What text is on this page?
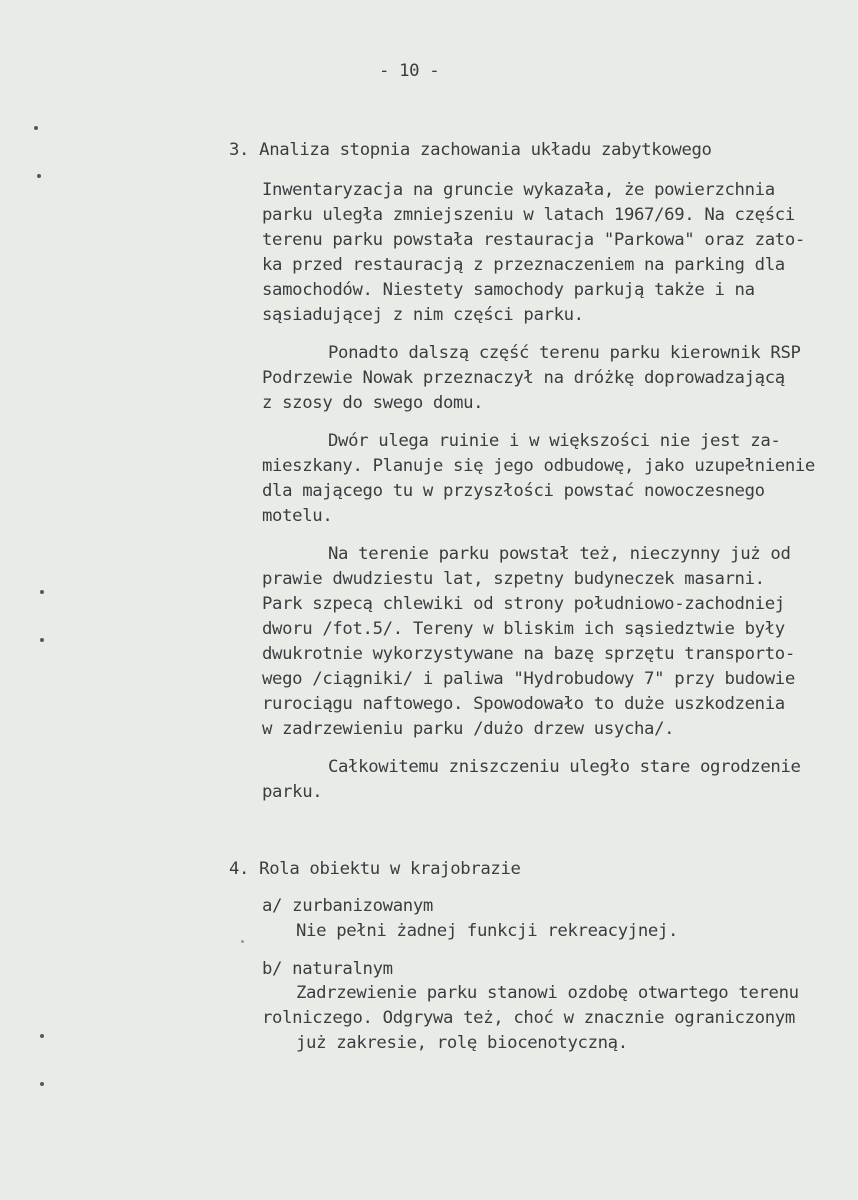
- 10 -
3. Analiza stopnia zachowania układu zabytkowego
Inwentaryzacja na gruncie wykazała, że powierzchnia
parku uległa zmniejszeniu w latach 1967/69. Na części
terenu parku powstała restauracja "Parkowa" oraz zato-
ka przed restauracją z przeznaczeniem na parking dla
samochodów. Niestety samochody parkują także i na
sąsiadującej z nim części parku.
Ponadto dalszą część terenu parku kierownik RSP
Podrzewie Nowak przeznaczył na dróżkę doprowadzającą
z szosy do swego domu.
Dwór ulega ruinie i w większości nie jest za-
mieszkany. Planuje się jego odbudowę, jako uzupełnienie
dla mającego tu w przyszłości powstać nowoczesnego
motelu.
Na terenie parku powstał też, nieczynny już od
prawie dwudziestu lat, szpetny budyneczek masarni.
Park szpecą chlewiki od strony południowo-zachodniej
dworu /fot.5/. Tereny w bliskim ich sąsiedztwie były
dwukrotnie wykorzystywane na bazę sprzętu transporto-
wego /ciągniki/ i paliwa "Hydrobudowy 7" przy budowie
rurociągu naftowego. Spowodowało to duże uszkodzenia
w zadrzewieniu parku /dużo drzew usycha/.
Całkowitemu zniszczeniu uległo stare ogrodzenie
parku.
4. Rola obiektu w krajobrazie
a/ zurbanizowanym
Nie pełni żadnej funkcji rekreacyjnej.
b/ naturalnym
Zadrzewienie parku stanowi ozdobę otwartego terenu
rolniczego. Odgrywa też, choć w znacznie ograniczonym
już zakresie, rolę biocenotyczną.
